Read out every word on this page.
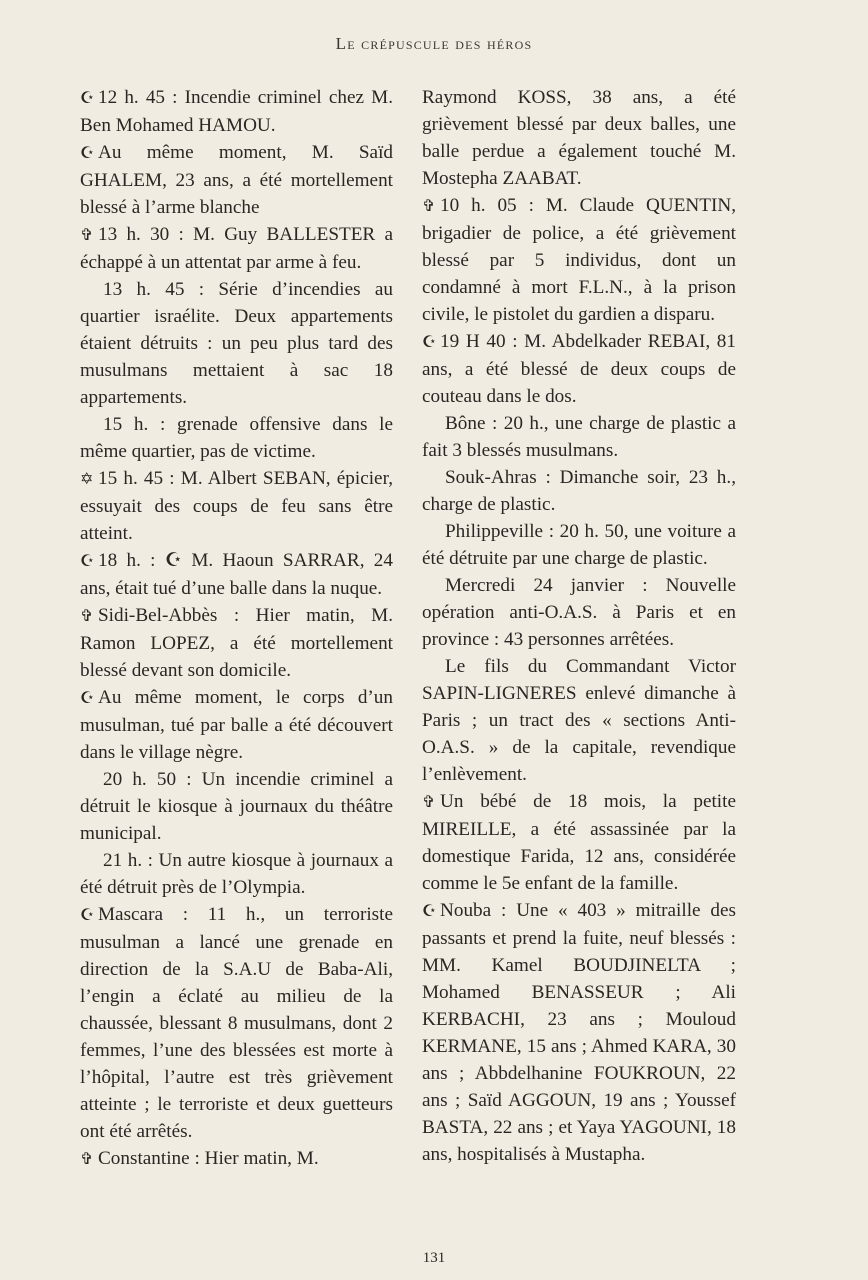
Le crépuscule des héros

☪ 12 h. 45 : Incendie criminel chez M. Ben Mohamed HAMOU.

☪ Au même moment, M. Saïd GHALEM, 23 ans, a été mortellement blessé à l’arme blanche

✞ 13 h. 30 : M. Guy BALLESTER a échappé à un attentat par arme à feu.

13 h. 45 : Série d’incendies au quartier israélite. Deux appartements étaient détruits : un peu plus tard des musulmans mettaient à sac 18 appartements.

15 h. : grenade offensive dans le même quartier, pas de victime.

✡ 15 h. 45 : M. Albert SEBAN, épicier, essuyait des coups de feu sans être atteint.

☪ 18 h. : ☪ M. Haoun SARRAR, 24 ans, était tué d’une balle dans la nuque.

✞ Sidi-Bel-Abbès : Hier matin, M. Ramon LOPEZ, a été mortellement blessé devant son domicile.

☪ Au même moment, le corps d’un musulman, tué par balle a été découvert dans le village nègre.

20 h. 50 : Un incendie criminel a détruit le kiosque à journaux du théâtre municipal.

21 h. : Un autre kiosque à journaux a été détruit près de l’Olympia.

☪ Mascara : 11 h., un terroriste musulman a lancé une grenade en direction de la S.A.U de Baba-Ali, l’engin a éclaté au milieu de la chaussée, blessant 8 musulmans, dont 2 femmes, l’une des blessées est morte à l’hôpital, l’autre est très grièvement atteinte ; le terroriste et deux guetteurs ont été arrêtés.

✞ Constantine : Hier matin, M.

Raymond KOSS, 38 ans, a été grièvement blessé par deux balles, une balle perdue a également touché M. Mostepha ZAABAT.

✞ 10 h. 05 : M. Claude QUENTIN, brigadier de police, a été grièvement blessé par 5 individus, dont un condamné à mort F.L.N., à la prison civile, le pistolet du gardien a disparu.

☪ 19 H 40 : M. Abdelkader REBAI, 81 ans, a été blessé de deux coups de couteau dans le dos.

Bône : 20 h., une charge de plastic a fait 3 blessés musulmans.

Souk-Ahras : Dimanche soir, 23 h., charge de plastic.

Philippeville : 20 h. 50, une voiture a été détruite par une charge de plastic.

Mercredi 24 janvier : Nouvelle opération anti-O.A.S. à Paris et en province : 43 personnes arrêtées.

Le fils du Commandant Victor SAPIN-LIGNERES enlevé dimanche à Paris ; un tract des « sections Anti-O.A.S. » de la capitale, revendique l’enlèvement.

✞ Un bébé de 18 mois, la petite MIREILLE, a été assassinée par la domestique Farida, 12 ans, considérée comme le 5e enfant de la famille.

☪ Nouba : Une « 403 » mitraille des passants et prend la fuite, neuf blessés : MM. Kamel BOUDJINELTA ; Mohamed BENASSEUR ; Ali KERBACHI, 23 ans ; Mouloud KERMANE, 15 ans ; Ahmed KARA, 30 ans ; Abbdelhanine FOUKROUN, 22 ans ; Saïd AGGOUN, 19 ans ; Youssef BASTA, 22 ans ; et Yaya YAGOUNI, 18 ans, hospitalisés à Mustapha.

131
